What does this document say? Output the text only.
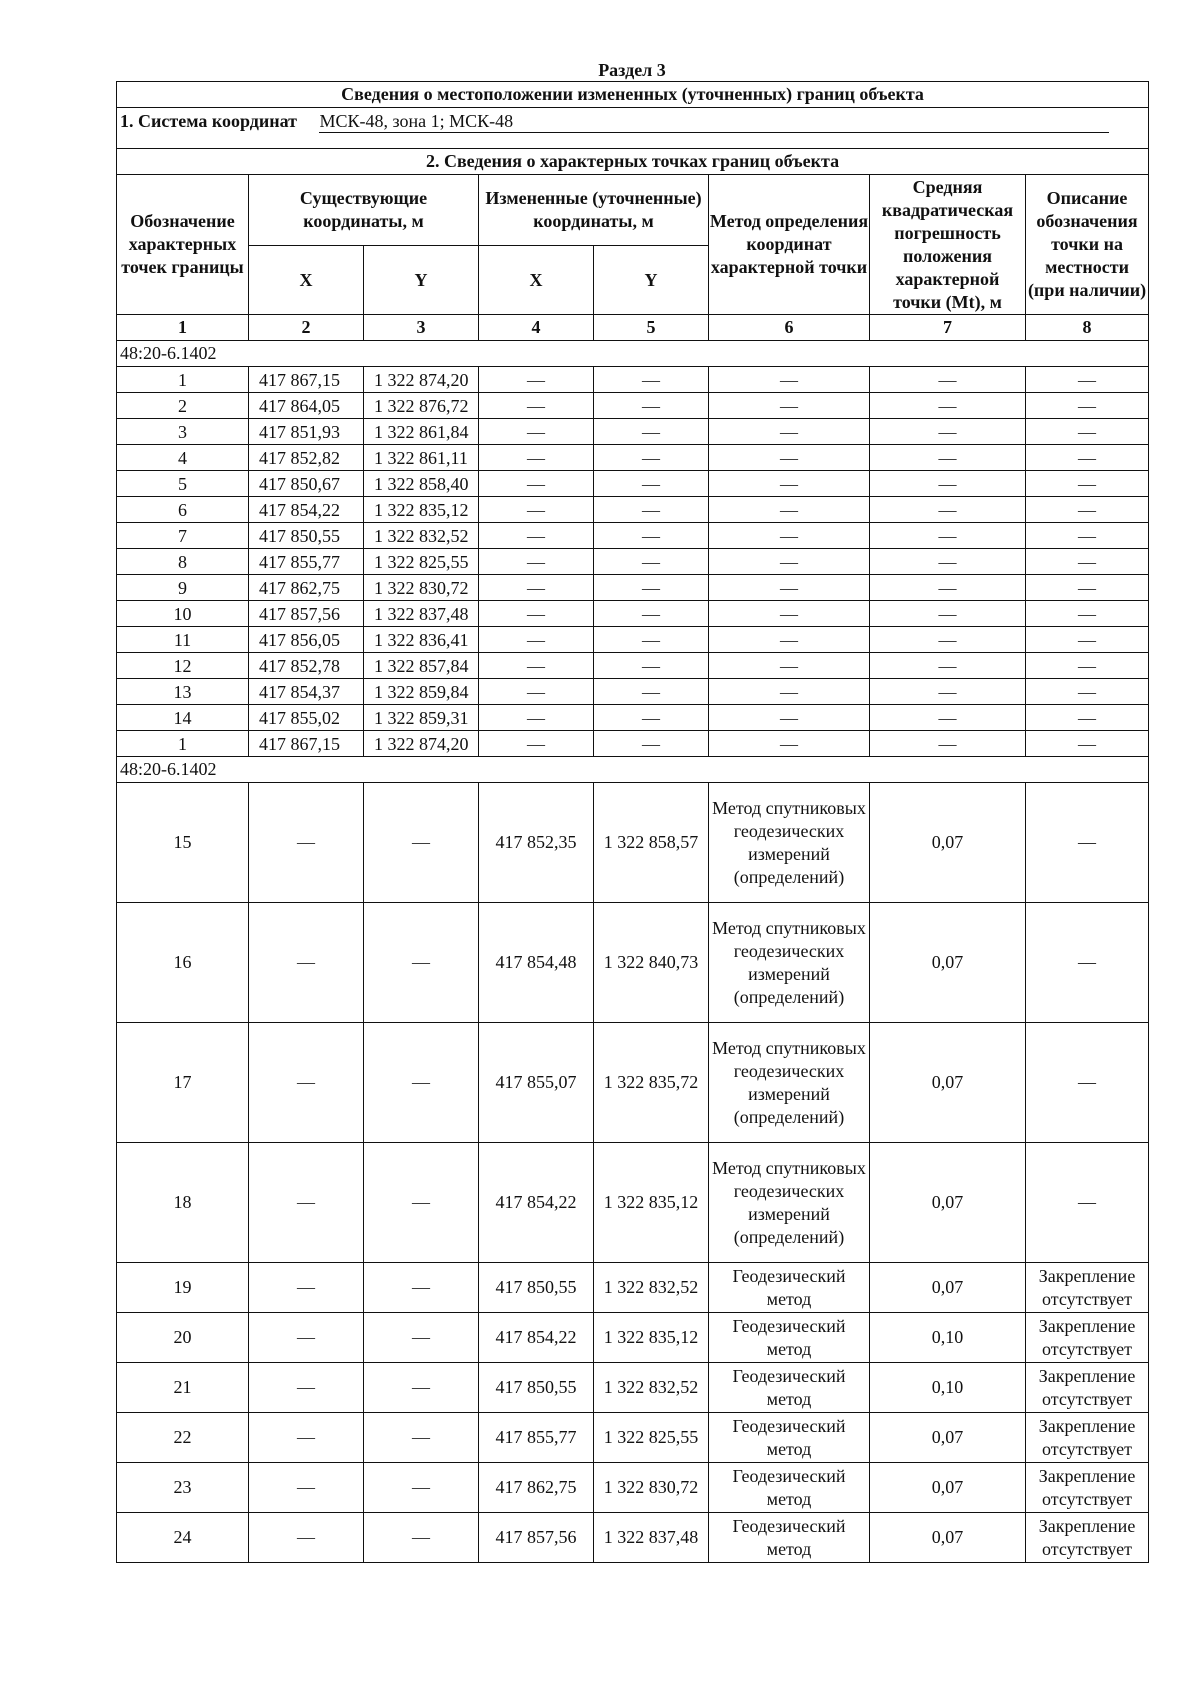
Раздел 3
Сведения о местоположении измененных (уточненных) границ объекта							
1. Система координат МСК-48, зона 1; МСК-48							
2. Сведения о характерных точках границ объекта							
Обозначение характерных точек границы	Существующие координаты, м		Измененные (уточненные) координаты, м		Метод определения координат характерной точки	Средняя квадратическая погрешность положения характерной точки (Mt), м	Описание обозначения точки на местности (при наличии)
	X	Y	X	Y			
1	2	3	4	5	6	7	8
48:20-6.1402							
1	417 867,15	1 322 874,20	—	—	—	—	—
2	417 864,05	1 322 876,72	—	—	—	—	—
3	417 851,93	1 322 861,84	—	—	—	—	—
4	417 852,82	1 322 861,11	—	—	—	—	—
5	417 850,67	1 322 858,40	—	—	—	—	—
6	417 854,22	1 322 835,12	—	—	—	—	—
7	417 850,55	1 322 832,52	—	—	—	—	—
8	417 855,77	1 322 825,55	—	—	—	—	—
9	417 862,75	1 322 830,72	—	—	—	—	—
10	417 857,56	1 322 837,48	—	—	—	—	—
11	417 856,05	1 322 836,41	—	—	—	—	—
12	417 852,78	1 322 857,84	—	—	—	—	—
13	417 854,37	1 322 859,84	—	—	—	—	—
14	417 855,02	1 322 859,31	—	—	—	—	—
1	417 867,15	1 322 874,20	—	—	—	—	—
48:20-6.1402							
15	—	—	417 852,35	1 322 858,57	Метод спутниковых геодезических измерений (определений)	0,07	—
16	—	—	417 854,48	1 322 840,73	Метод спутниковых геодезических измерений (определений)	0,07	—
17	—	—	417 855,07	1 322 835,72	Метод спутниковых геодезических измерений (определений)	0,07	—
18	—	—	417 854,22	1 322 835,12	Метод спутниковых геодезических измерений (определений)	0,07	—
19	—	—	417 850,55	1 322 832,52	Геодезический метод	0,07	Закрепление отсутствует
20	—	—	417 854,22	1 322 835,12	Геодезический метод	0,10	Закрепление отсутствует
21	—	—	417 850,55	1 322 832,52	Геодезический метод	0,10	Закрепление отсутствует
22	—	—	417 855,77	1 322 825,55	Геодезический метод	0,07	Закрепление отсутствует
23	—	—	417 862,75	1 322 830,72	Геодезический метод	0,07	Закрепление отсутствует
24	—	—	417 857,56	1 322 837,48	Геодезический метод	0,07	Закрепление отсутствует
